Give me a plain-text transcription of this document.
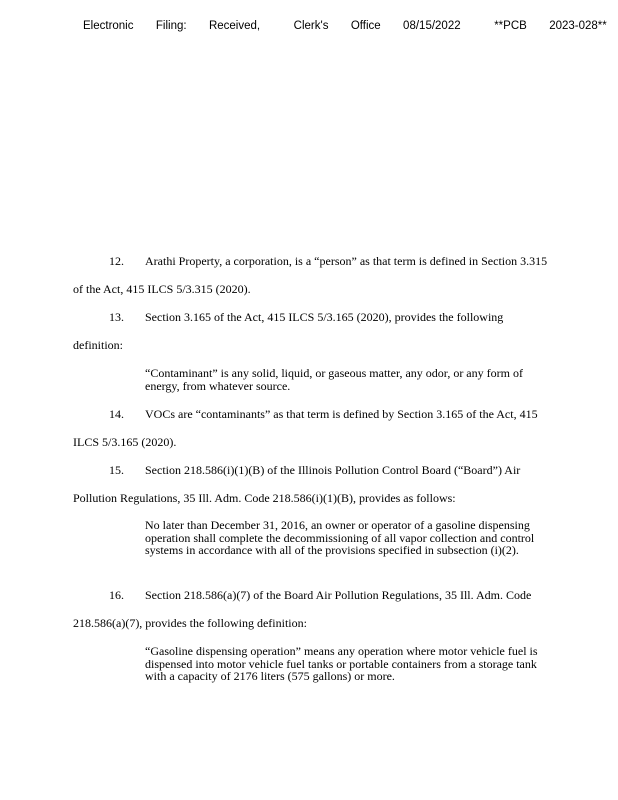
Electronic  Filing:  Received,   Clerk's  Office  08/15/2022   **PCB  2023-028**
12. Arathi Property, a corporation, is a “person” as that term is defined in Section 3.315
of the Act, 415 ILCS 5/3.315 (2020).
13. Section 3.165 of the Act, 415 ILCS 5/3.165 (2020), provides the following
definition:
“Contaminant” is any solid, liquid, or gaseous matter, any odor, or any form of energy, from whatever source.
14. VOCs are “contaminants” as that term is defined by Section 3.165 of the Act, 415
ILCS 5/3.165 (2020).
15. Section 218.586(i)(1)(B) of the Illinois Pollution Control Board (“Board”) Air
Pollution Regulations, 35 Ill. Adm. Code 218.586(i)(1)(B), provides as follows:
No later than December 31, 2016, an owner or operator of a gasoline dispensing operation shall complete the decommissioning of all vapor collection and control systems in accordance with all of the provisions specified in subsection (i)(2).
16. Section 218.586(a)(7) of the Board Air Pollution Regulations, 35 Ill. Adm. Code
218.586(a)(7), provides the following definition:
“Gasoline dispensing operation” means any operation where motor vehicle fuel is dispensed into motor vehicle fuel tanks or portable containers from a storage tank with a capacity of 2176 liters (575 gallons) or more.
